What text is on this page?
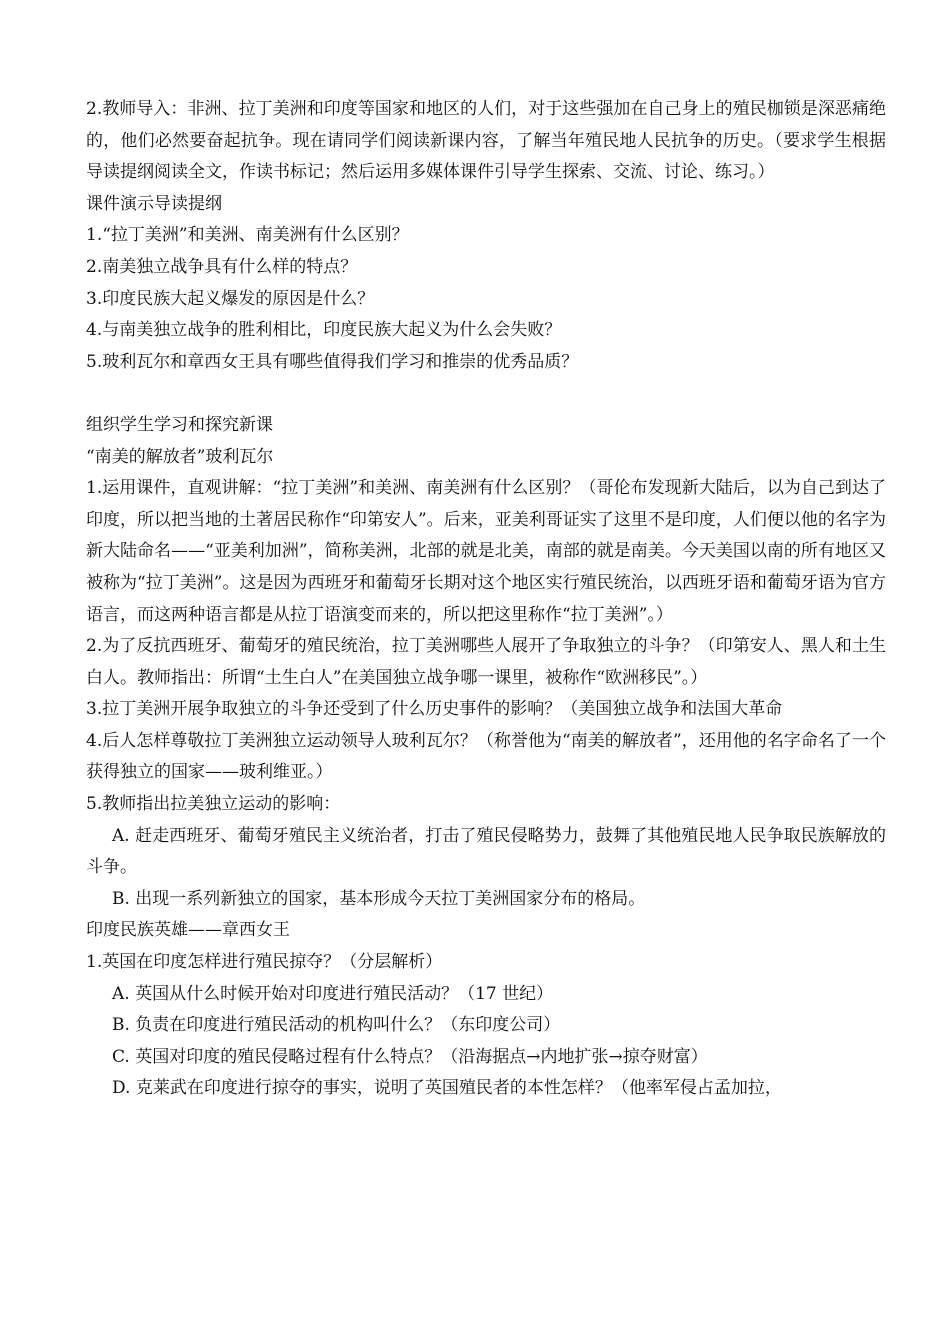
2.教师导入：非洲、拉丁美洲和印度等国家和地区的人们，对于这些强加在自己身上的殖民枷锁是深恶痛绝的，他们必然要奋起抗争。现在请同学们阅读新课内容，了解当年殖民地人民抗争的历史。（要求学生根据导读提纲阅读全文，作读书标记；然后运用多媒体课件引导学生探索、交流、讨论、练习。）

课件演示导读提纲

1.“拉丁美洲”和美洲、南美洲有什么区别？

2.南美独立战争具有什么样的特点？

3.印度民族大起义爆发的原因是什么？

4.与南美独立战争的胜利相比，印度民族大起义为什么会失败？

5.玻利瓦尔和章西女王具有哪些值得我们学习和推崇的优秀品质？

组织学生学习和探究新课

“南美的解放者”玻利瓦尔

1.运用课件，直观讲解：“拉丁美洲”和美洲、南美洲有什么区别？（哥伦布发现新大陆后，以为自己到达了印度，所以把当地的土著居民称作“印第安人”。后来，亚美利哥证实了这里不是印度，人们便以他的名字为新大陆命名——“亚美利加洲”，简称美洲，北部的就是北美，南部的就是南美。今天美国以南的所有地区又被称为“拉丁美洲”。这是因为西班牙和葡萄牙长期对这个地区实行殖民统治，以西班牙语和葡萄牙语为官方语言，而这两种语言都是从拉丁语演变而来的，所以把这里称作“拉丁美洲”。）

2.为了反抗西班牙、葡萄牙的殖民统治，拉丁美洲哪些人展开了争取独立的斗争？（印第安人、黑人和土生白人。教师指出：所谓“土生白人”在美国独立战争哪一课里，被称作“欧洲移民”。）

3.拉丁美洲开展争取独立的斗争还受到了什么历史事件的影响？（美国独立战争和法国大革命

4.后人怎样尊敬拉丁美洲独立运动领导人玻利瓦尔？（称誉他为“南美的解放者”，还用他的名字命名了一个获得独立的国家——玻利维亚。）

5.教师指出拉美独立运动的影响：

A. 赶走西班牙、葡萄牙殖民主义统治者，打击了殖民侵略势力，鼓舞了其他殖民地人民争取民族解放的斗争。

B. 出现一系列新独立的国家，基本形成今天拉丁美洲国家分布的格局。

印度民族英雄——章西女王

1.英国在印度怎样进行殖民掠夺？（分层解析）

A. 英国从什么时候开始对印度进行殖民活动？（17 世纪）

B. 负责在印度进行殖民活动的机构叫什么？（东印度公司）

C. 英国对印度的殖民侵略过程有什么特点？（沿海据点→内地扩张→掠夺财富）

D. 克莱武在印度进行掠夺的事实，说明了英国殖民者的本性怎样？（他率军侵占孟加拉，
